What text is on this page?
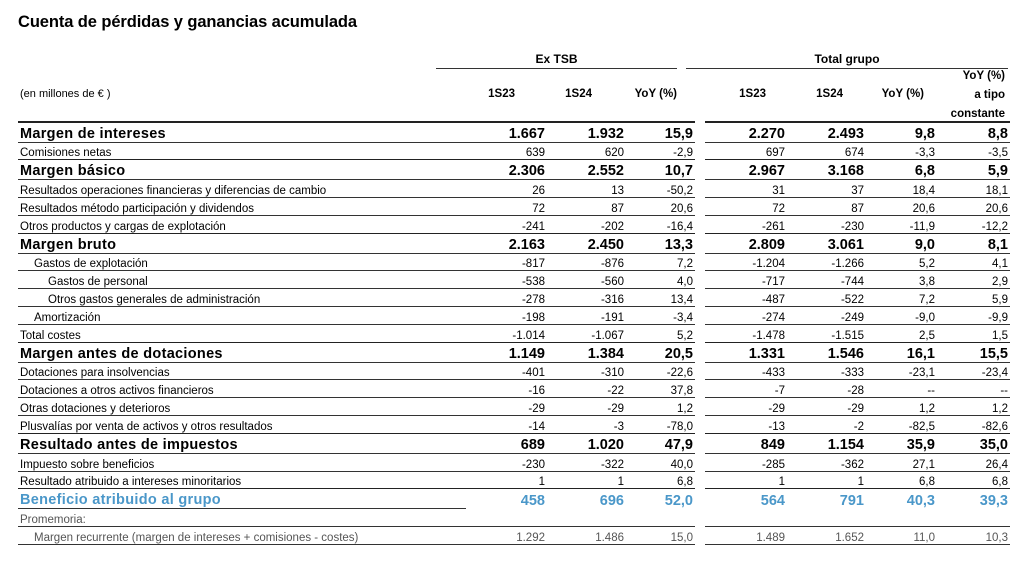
Cuenta de pérdidas y ganancias acumulada
Ex TSB	Total grupo
(en millones de € )	1S23	1S24	YoY (%)	1S23	1S24	YoY (%)
YoY (%)
a tipo
constante
Margen de intereses	1.667	1.932	15,9		2.270	2.493	9,8	8,8
Comisiones netas	639	620	-2,9		697	674	-3,3	-3,5
Margen básico	2.306	2.552	10,7		2.967	3.168	6,8	5,9
Resultados operaciones financieras y diferencias de cambio	26	13	-50,2		31	37	18,4	18,1
Resultados método participación y dividendos	72	87	20,6		72	87	20,6	20,6
Otros productos y cargas de explotación	-241	-202	-16,4		-261	-230	-11,9	-12,2
Margen bruto	2.163	2.450	13,3		2.809	3.061	9,0	8,1
Gastos de explotación	-817	-876	7,2		-1.204	-1.266	5,2	4,1
Gastos de personal	-538	-560	4,0		-717	-744	3,8	2,9
Otros gastos generales de administración	-278	-316	13,4		-487	-522	7,2	5,9
Amortización	-198	-191	-3,4		-274	-249	-9,0	-9,9
Total costes	-1.014	-1.067	5,2		-1.478	-1.515	2,5	1,5
Margen antes de dotaciones	1.149	1.384	20,5		1.331	1.546	16,1	15,5
Dotaciones para insolvencias	-401	-310	-22,6		-433	-333	-23,1	-23,4
Dotaciones a otros activos financieros	-16	-22	37,8		-7	-28	--	--
Otras dotaciones y deterioros	-29	-29	1,2		-29	-29	1,2	1,2
Plusvalías por venta de activos y otros resultados	-14	-3	-78,0		-13	-2	-82,5	-82,6
Resultado antes de impuestos	689	1.020	47,9		849	1.154	35,9	35,0
Impuesto sobre beneficios	-230	-322	40,0		-285	-362	27,1	26,4
Resultado atribuido a intereses minoritarios	1	1	6,8		1	1	6,8	6,8
Beneficio atribuido al grupo	458	696	52,0		564	791	40,3	39,3
Promemoria:								
Margen recurrente (margen de intereses + comisiones - costes)	1.292	1.486	15,0		1.489	1.652	11,0	10,3
